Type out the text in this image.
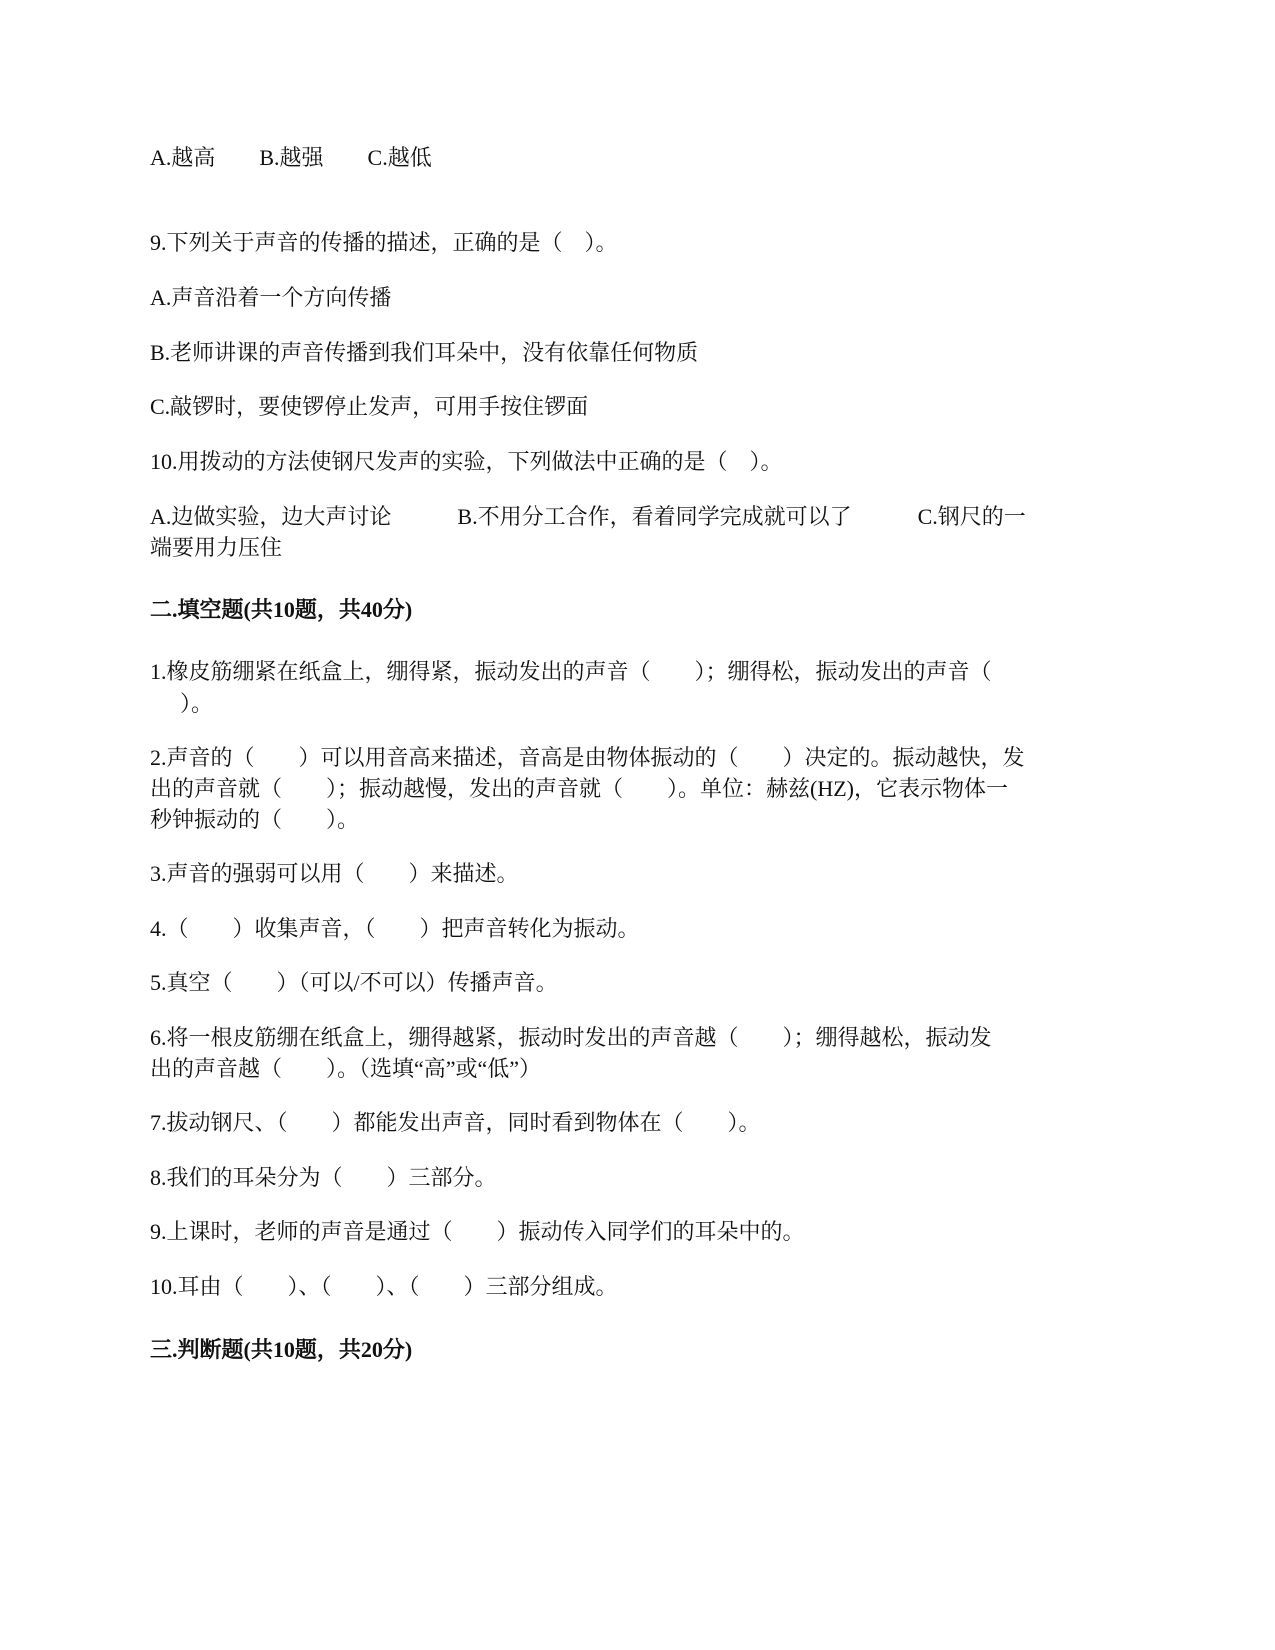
A.越高　　B.越强　　C.越低

9.下列关于声音的传播的描述，正确的是（　）。

A.声音沿着一个方向传播

B.老师讲课的声音传播到我们耳朵中，没有依靠任何物质

C.敲锣时，要使锣停止发声，可用手按住锣面

10.用拨动的方法使钢尺发声的实验，下列做法中正确的是（　）。

A.边做实验，边大声讨论　　　B.不用分工合作，看着同学完成就可以了　　　C.钢尺的一

端要用力压住

二.填空题(共10题，共40分)

1.橡皮筋绷紧在纸盒上，绷得紧，振动发出的声音（　　）；绷得松，振动发出的声音（

）。

2.声音的（　　）可以用音高来描述，音高是由物体振动的（　　）决定的。振动越快，发

出的声音就（　　）；振动越慢，发出的声音就（　　）。单位：赫兹(HZ)，它表示物体一

秒钟振动的（　　）。

3.声音的强弱可以用（　　）来描述。

4.（　　）收集声音，（　　）把声音转化为振动。

5.真空（　　）（可以/不可以）传播声音。

6.将一根皮筋绷在纸盒上，绷得越紧，振动时发出的声音越（　　）；绷得越松，振动发

出的声音越（　　）。（选填“高”或“低”）

7.拔动钢尺、（　　）都能发出声音，同时看到物体在（　　）。

8.我们的耳朵分为（　　）三部分。

9.上课时，老师的声音是通过（　　）振动传入同学们的耳朵中的。

10.耳由（　　）、（　　）、（　　）三部分组成。

三.判断题(共10题，共20分)
